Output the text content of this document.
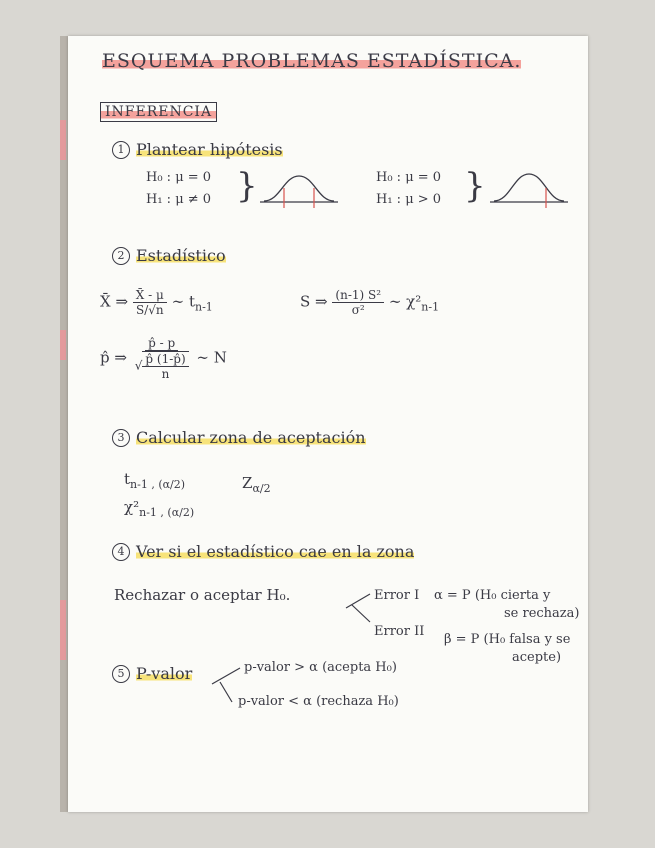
ESQUEMA PROBLEMAS ESTADÍSTICA.
INFERENCIA
1 Plantear hipótesis
H₀ : μ = 0
H₁ : μ ≠ 0 }	H₀ : μ = 0
H₁ : μ > 0 }
2 Estadístico
X̄ ⇒ $\frac{X̄ - \mu}{S/√n}$ ∼ $t_{n-1}$	S ⇒ $\frac{\text{(n-1) S²}}{\text{σ²}}$ ∼ $\chi^2_{n-1}$
p̂ ⇒ $\frac{p̂ - p}{√ \frac{p̂ (1-p̂)}{n}}$ ∼ N
3 Calcular zona de aceptación
$t_{n-1 , (\alpha/2)}$	$Z_{\alpha/2}$
$\chi^2_{n-1 , (\alpha/2)}$
4 Ver si el estadístico cae en la zona
Rechazar o aceptar H₀.	Error I α = P (H₀ cierta y
se rechaza)
Error II
β = P (H₀ falsa y se
acepte)
5 P-valor	p-valor > α (acepta H₀)
p-valor < α (rechaza H₀)
